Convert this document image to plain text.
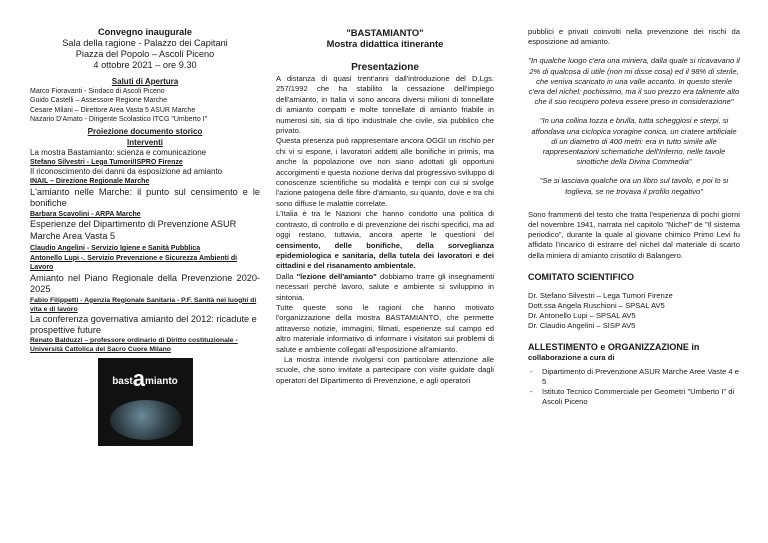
Convegno inaugurale
Sala della ragione - Palazzo dei Capitani
Piazza del Popolo – Ascoli Piceno
4 ottobre 2021 – ore 9.30
Saluti di Apertura
Marco Fioravanti - Sindaco di Ascoli Piceno
Guido Castelli – Assessore Regione Marche
Cesare Milani – Direttore Area Vasta 5 ASUR Marche
Nazario D'Amato - Dirigente Scolastico ITCG "Umberto I"
Proiezione documento storico
Interventi
La mostra Bastamianto: scienza e comunicazione
Stefano Silvestri - Lega Tumori/ISPRO Firenze
Il riconoscimento dei danni da esposizione ad amianto
INAIL – Direzione Regionale Marche
L'amianto nelle Marche: il punto sul censimento e le bonifiche
Barbara Scavolini - ARPA Marche
Esperienze del Dipartimento di Prevenzione ASUR Marche Area Vasta 5
Claudio Angelini - Servizio Igiene e Sanità Pubblica
Antonello Lupi -. Servizio Prevenzione e Sicurezza Ambienti di Lavoro
Amianto nel Piano Regionale della Prevenzione 2020-2025
Fabio Filippetti - Agenzia Regionale Sanitaria - P.F. Sanità nei luoghi di vita e di lavoro
La conferenza governativa amianto del 2012: ricadute e prospettive future
Renato Balduzzi – professore ordinario di Diritto costituzionale - Università Cattolica del Sacro Cuore Milano
bastamianto
"BASTAMIANTO"
Mostra didattica itinerante
Presentazione

A distanza di quasi trent'anni dall'introduzione del D.Lgs. 257/1992 che ha stabilito la cessazione dell'impiego dell'amianto, in Italia vi sono ancora diversi milioni di tonnellate di amianto compatti e molte tonnellate di amianto friabile in numerosi siti, sia di tipo industriale che civile, sia pubblico che privato.

Questa presenza può rappresentare ancora OGGI un rischio per chi vi si espone, i lavoratori addetti alle bonifiche in primis, ma anche la popolazione ove non siano adottati gli opportuni accorgimenti e questa nozione deriva dal progressivo sviluppo di conoscenze scientifiche su modalità e tempi con cui si svolge l'azione patogena delle fibre d'amianto, su quanto, dove e tra chi sono diffuse le malattie correlate.

L'Italia è tra le Nazioni che hanno condotto una politica di contrasto, di controllo e di prevenzione dei rischi specifici, ma ad oggi restano, tuttavia, ancora aperte le questioni del censimento, delle bonifiche, della sorveglianza epidemiologica e sanitaria, della tutela dei lavoratori e dei cittadini e del risanamento ambientale.

Dalla "lezione dell'amianto" dobbiamo trarre gli insegnamenti necessari perché lavoro, salute e ambiente si sviluppino in sintonia.

Tutte queste sono le ragioni che hanno motivato l'organizzazione della mostra BASTAMIANTO, che permette attraverso notizie, immagini, filmati, esperienze sul campo ed altro materiale informativo di informare i visitatori sui problemi di salute e ambiente collegati all'esposizione all'amianto.

La mostra intende rivolgersi con particolare attenzione alle scuole, che sono invitate a partecipare con visite guidate dagli operatori del Dipartimento di Prevenzione, e agli operatori

pubblici e privati coinvolti nella prevenzione dei rischi da esposizione ad amianto.

"In qualche luogo c'era una miniera, dalla quale si ricavavano il 2% di qualcosa di utile (non mi disse cosa) ed il 98% di sterile, che veniva scaricato in una valle accanto. In questo sterile c'era del nichel: pochissimo, ma il suo prezzo era talmente alto che il suo recupero poteva essere preso in considerazione"

"In una collina tozza e brulla, tutta scheggiosi e sterpi, si affondava una ciclopica voragine conica, un cratere artificiale di un diametro di 400 metri: era in tutto simile alle rappresentazioni schematiche dell'Inferno, nelle tavole sinottiche della Divina Commedia"

"Se si lasciava qualche ora un libro sul tavolo, e poi lo si toglieva, se ne trovava il profilo negativo"

Sono frammenti del testo che tratta l'esperienza di pochi giorni del novembre 1941, narrata nel capitolo "Nichel" de "Il sistema periodico", durante la quale al giovane chimico Primo Levi fu affidato l'incarico di estrarre del nichel dal materiale di scarto della miniera di amianto crisotilo di Balangero.

COMITATO SCIENTIFICO
Dr. Stefano Silvestri – Lega Tumori Firenze
Dott.ssa Angela Ruschioni – SPSAL AV5
Dr. Antonello Lupi – SPSAL AV5
Dr. Claudio Angelini – SISP AV5
ALLESTIMENTO e ORGANIZZAZIONE in
collaborazione a cura di
- Dipartimento di Prevenzione ASUR Marche Aree Vaste 4 e 5
- Istituto Tecnico Commerciale per Geometri "Umberto I" di Ascoli Piceno
